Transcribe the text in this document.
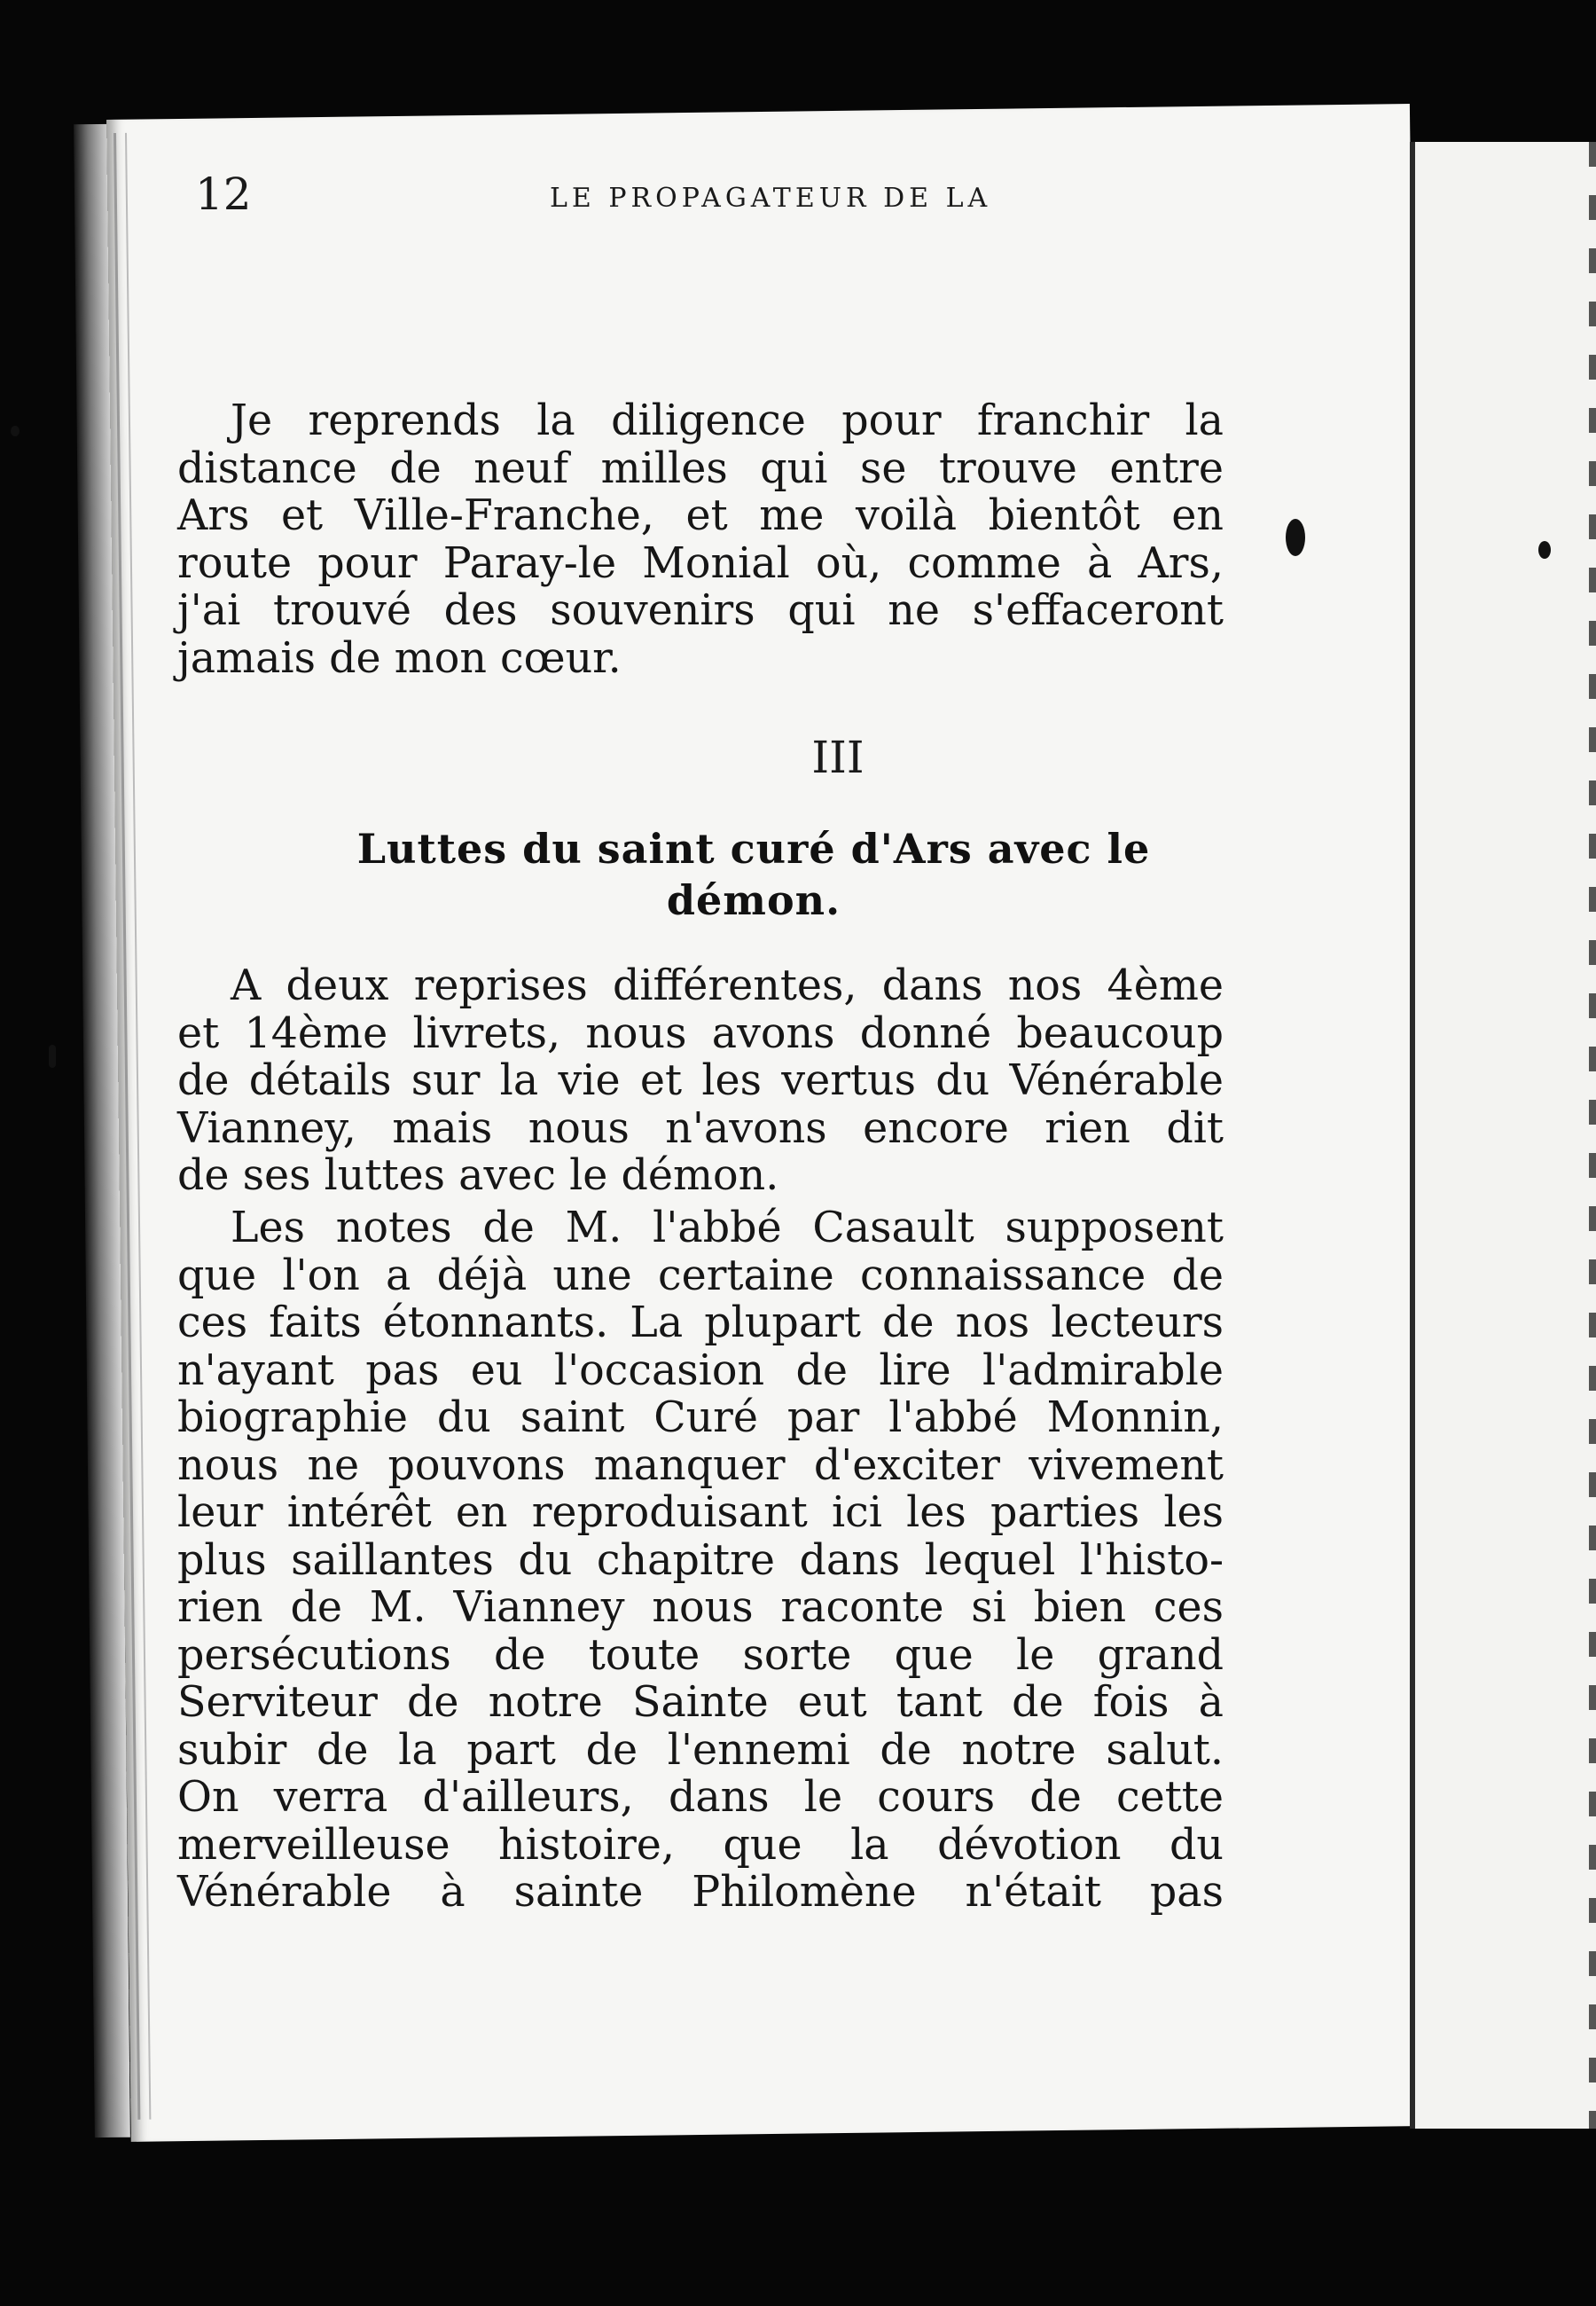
12	LE PROPAGATEUR DE LA
Je reprends la diligence pour franchir la
distance de neuf milles qui se trouve entre
Ars et Ville-Franche, et me voilà bientôt en
route pour Paray-le Monial où, comme à Ars,
j'ai trouvé des souvenirs qui ne s'effaceront
jamais de mon cœur.
III
Luttes du saint curé d'Ars avec le
démon.
A deux reprises différentes, dans nos 4ème
et 14ème livrets, nous avons donné beaucoup
de détails sur la vie et les vertus du Vénérable
Vianney, mais nous n'avons encore rien dit
de ses luttes avec le démon.
Les notes de M. l'abbé Casault supposent
que l'on a déjà une certaine connaissance de
ces faits étonnants. La plupart de nos lecteurs
n'ayant pas eu l'occasion de lire l'admirable
biographie du saint Curé par l'abbé Monnin,
nous ne pouvons manquer d'exciter vivement
leur intérêt en reproduisant ici les parties les
plus saillantes du chapitre dans lequel l'histo-
rien de M. Vianney nous raconte si bien ces
persécutions de toute sorte que le grand
Serviteur de notre Sainte eut tant de fois à
subir de la part de l'ennemi de notre salut.
On verra d'ailleurs, dans le cours de cette
merveilleuse histoire, que la dévotion du
Vénérable à sainte Philomène n'était pas
